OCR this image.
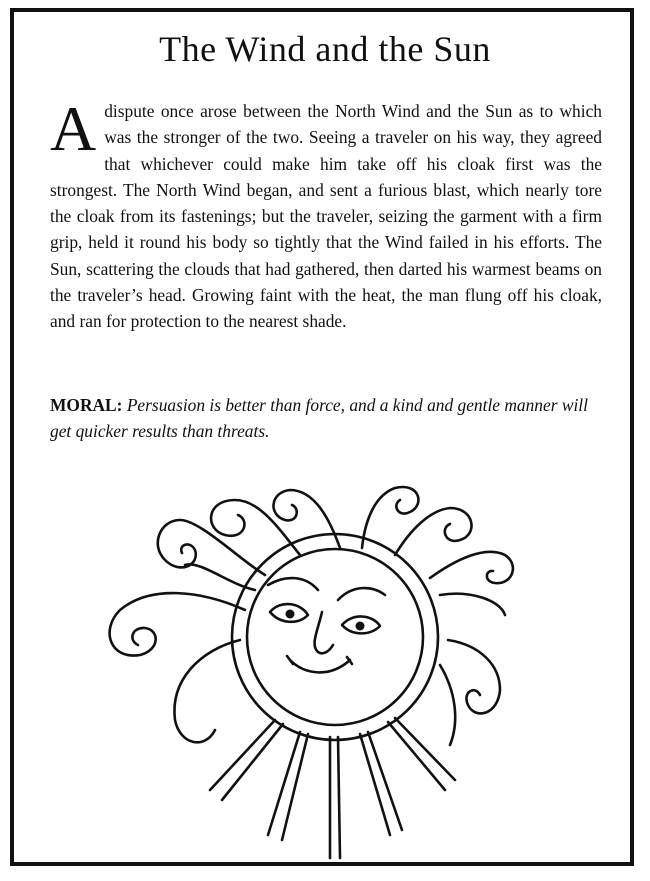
The Wind and the Sun

A dispute once arose between the North Wind and the Sun as to which was the stronger of the two. Seeing a traveler on his way, they agreed that whichever could make him take off his cloak first was the strongest. The North Wind began, and sent a furious blast, which nearly tore the cloak from its fastenings; but the traveler, seizing the garment with a firm grip, held it round his body so tightly that the Wind failed in his efforts. The Sun, scattering the clouds that had gathered, then darted his warmest beams on the traveler’s head. Growing faint with the heat, the man flung off his cloak, and ran for protection to the nearest shade.

MORAL: Persuasion is better than force, and a kind and gentle manner will get quicker results than threats.
